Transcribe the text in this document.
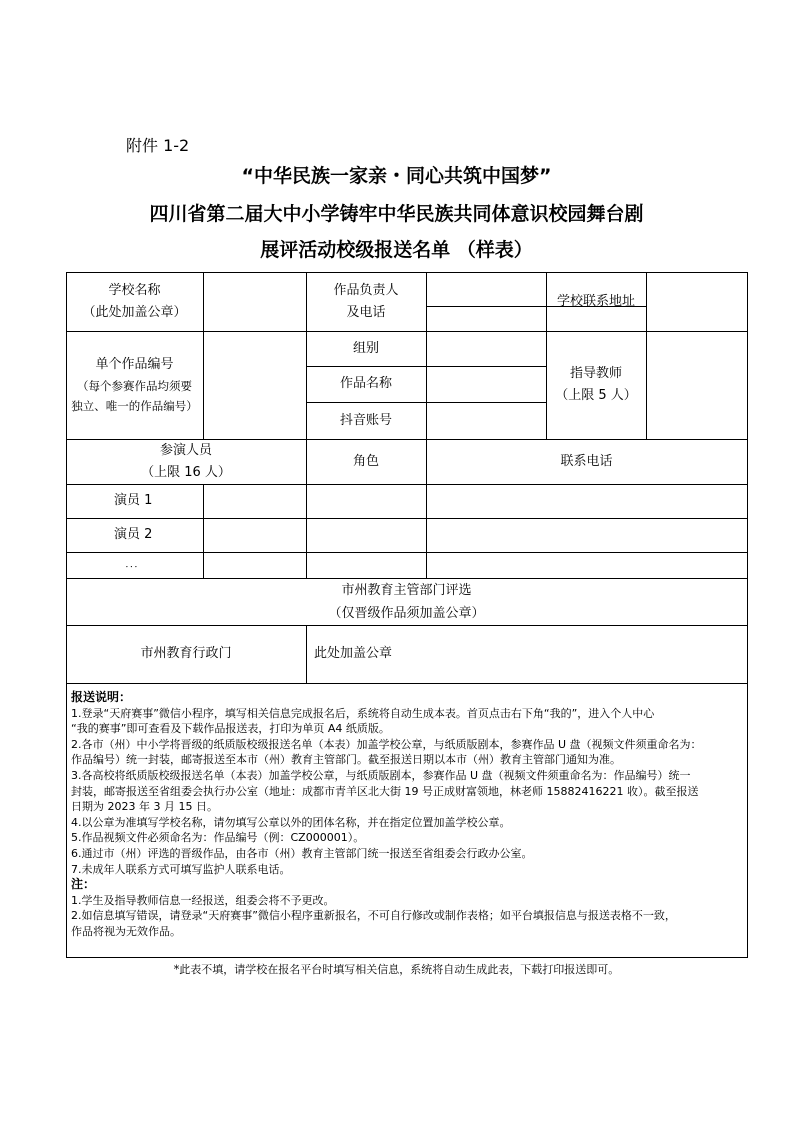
附件 1-2
“中华民族一家亲・同心共筑中国梦”
四川省第二届大中小学铸牢中华民族共同体意识校园舞台剧
展评活动校级报送名单 （样表）
学校名称
（此处加盖公章）
作品负责人
及电话
学校联系地址
单个作品编号
（每个参赛作品均须要
独立、唯一的作品编号）
组别
作品名称
抖音账号
指导教师
（上限 5 人）
参演人员
（上限 16 人）
角色	联系电话
演员 1
演员 2
．．．
市州教育主管部门评选
（仅晋级作品须加盖公章）
市州教育行政门	此处加盖公章
报送说明：
1.登录“天府赛事”微信小程序，填写相关信息完成报名后，系统将自动生成本表。首页点击右下角“我的”，进入个人中心
“我的赛事”即可查看及下载作品报送表，打印为单页 A4 纸质版。
2.各市（州）中小学将晋级的纸质版校级报送名单（本表）加盖学校公章，与纸质版剧本，参赛作品 U 盘（视频文件须重命名为：
作品编号）统一封装，邮寄报送至本市（州）教育主管部门。截至报送日期以本市（州）教育主管部门通知为准。
3.各高校将纸质版校级报送名单（本表）加盖学校公章，与纸质版剧本，参赛作品 U 盘（视频文件须重命名为：作品编号）统一
封装，邮寄报送至省组委会执行办公室（地址：成都市青羊区北大街 19 号正成财富领地，林老师 15882416221 收）。截至报送
日期为 2023 年 3 月 15 日。
4.以公章为准填写学校名称，请勿填写公章以外的团体名称，并在指定位置加盖学校公章。
5.作品视频文件必须命名为：作品编号（例：CZ000001）。
6.通过市（州）评选的晋级作品，由各市（州）教育主管部门统一报送至省组委会行政办公室。
7.未成年人联系方式可填写监护人联系电话。
注：
1.学生及指导教师信息一经报送，组委会将不予更改。
2.如信息填写错误，请登录“天府赛事”微信小程序重新报名，不可自行修改或制作表格；如平台填报信息与报送表格不一致，
作品将视为无效作品。
*此表不填，请学校在报名平台时填写相关信息，系统将自动生成此表，下载打印报送即可。
